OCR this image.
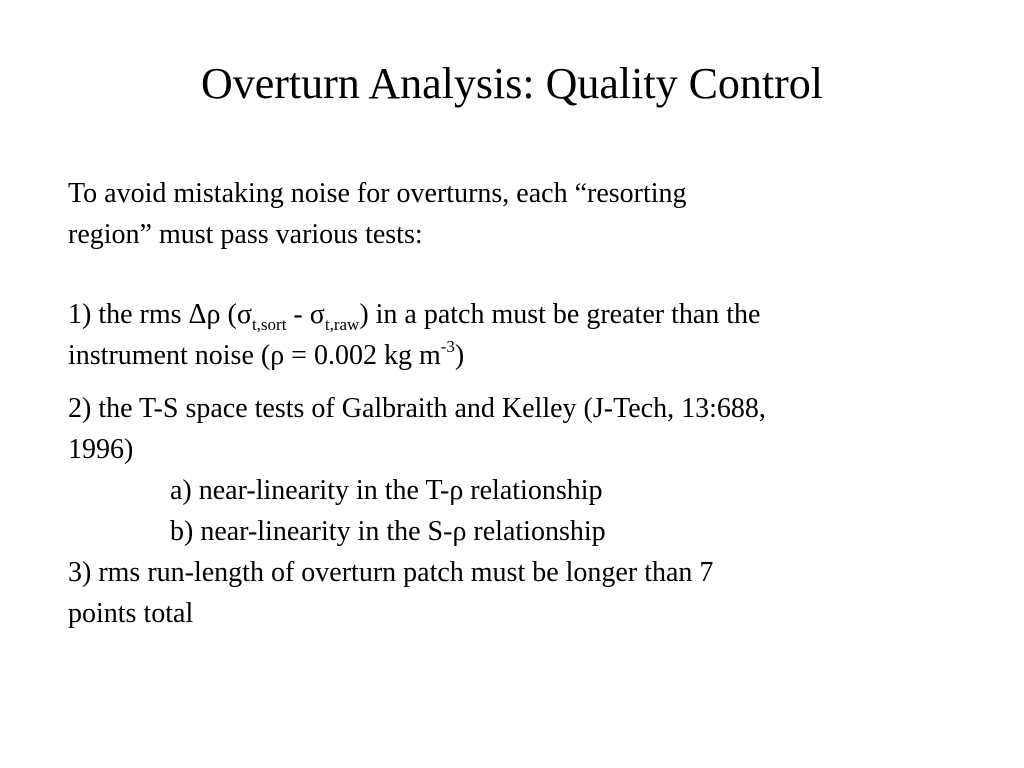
Overturn Analysis: Quality Control

To avoid mistaking noise for overturns, each “resorting
region” must pass various tests:

1) the rms Δρ $(\sigma_{t,sort} - \sigma_{t,raw})$ in a patch must be greater than the
instrument noise (ρ = 0.002 kg $m^{-3}$)

2) the T-S space tests of Galbraith and Kelley (J-Tech, 13:688,
1996)

a) near-linearity in the T-ρ relationship

b) near-linearity in the S-ρ relationship

3) rms run-length of overturn patch must be longer than 7
points total
